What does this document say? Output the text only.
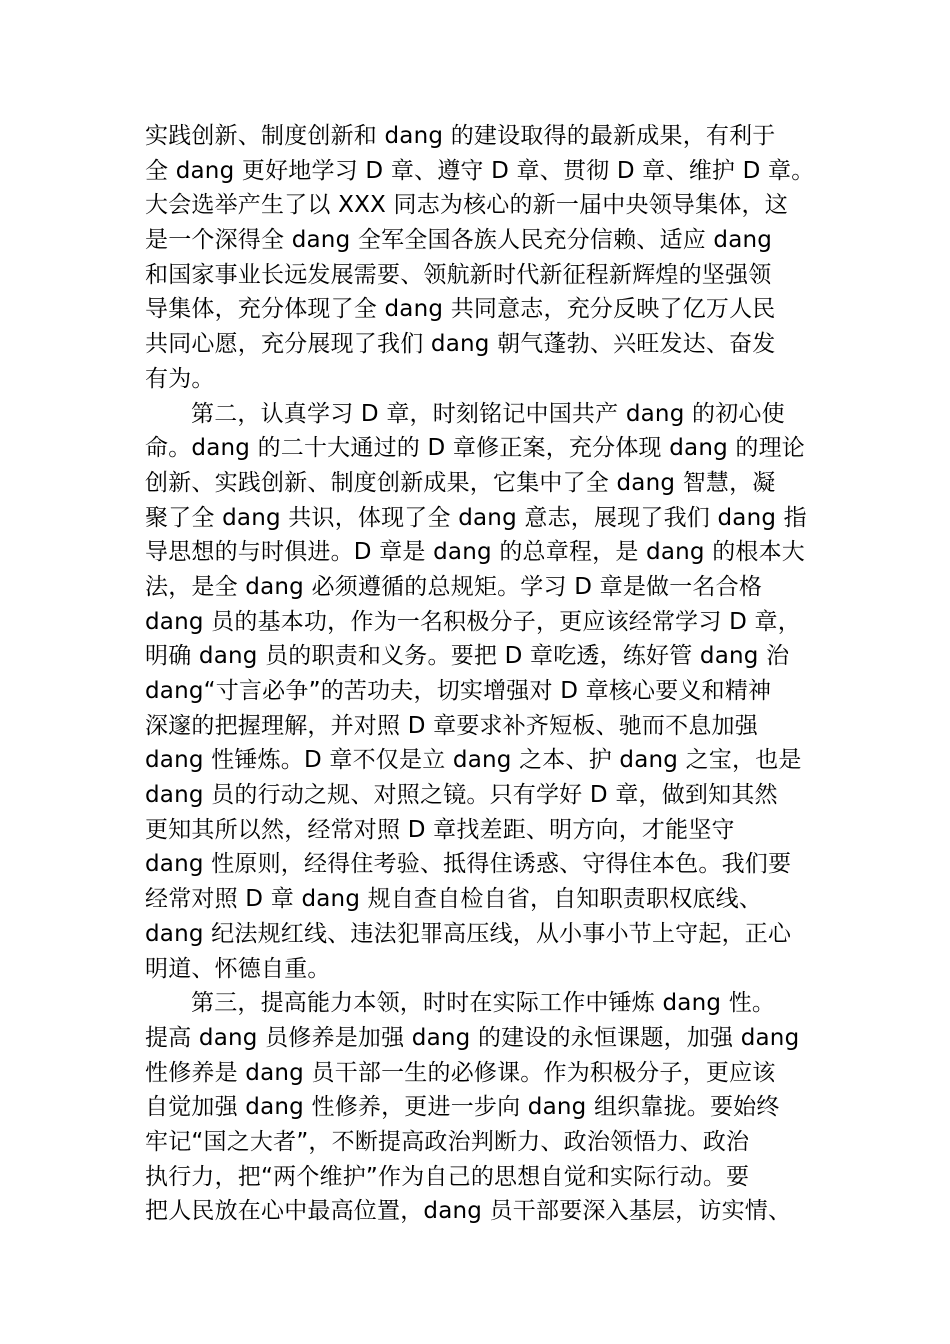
实践创新、制度创新和 dang 的建设取得的最新成果，有利于
全 dang 更好地学习 D 章、遵守 D 章、贯彻 D 章、维护 D 章。
大会选举产生了以 XXX 同志为核心的新一届中央领导集体，这
是一个深得全 dang 全军全国各族人民充分信赖、适应 dang
和国家事业长远发展需要、领航新时代新征程新辉煌的坚强领
导集体，充分体现了全 dang 共同意志，充分反映了亿万人民
共同心愿，充分展现了我们 dang 朝气蓬勃、兴旺发达、奋发
有为。
第二，认真学习 D 章，时刻铭记中国共产 dang 的初心使
命。dang 的二十大通过的 D 章修正案，充分体现 dang 的理论
创新、实践创新、制度创新成果，它集中了全 dang 智慧，凝
聚了全 dang 共识，体现了全 dang 意志，展现了我们 dang 指
导思想的与时俱进。D 章是 dang 的总章程，是 dang 的根本大
法，是全 dang 必须遵循的总规矩。学习 D 章是做一名合格
dang 员的基本功，作为一名积极分子，更应该经常学习 D 章，
明确 dang 员的职责和义务。要把 D 章吃透，练好管 dang 治
dang“寸言必争”的苦功夫，切实增强对 D 章核心要义和精神
深邃的把握理解，并对照 D 章要求补齐短板、驰而不息加强
dang 性锤炼。D 章不仅是立 dang 之本、护 dang 之宝，也是
dang 员的行动之规、对照之镜。只有学好 D 章，做到知其然
更知其所以然，经常对照 D 章找差距、明方向，才能坚守
dang 性原则，经得住考验、抵得住诱惑、守得住本色。我们要
经常对照 D 章 dang 规自查自检自省，自知职责职权底线、
dang 纪法规红线、违法犯罪高压线，从小事小节上守起，正心
明道、怀德自重。
第三，提高能力本领，时时在实际工作中锤炼 dang 性。
提高 dang 员修养是加强 dang 的建设的永恒课题，加强 dang
性修养是 dang 员干部一生的必修课。作为积极分子，更应该
自觉加强 dang 性修养，更进一步向 dang 组织靠拢。要始终
牢记“国之大者”，不断提高政治判断力、政治领悟力、政治
执行力，把“两个维护”作为自己的思想自觉和实际行动。要
把人民放在心中最高位置，dang 员干部要深入基层，访实情、
